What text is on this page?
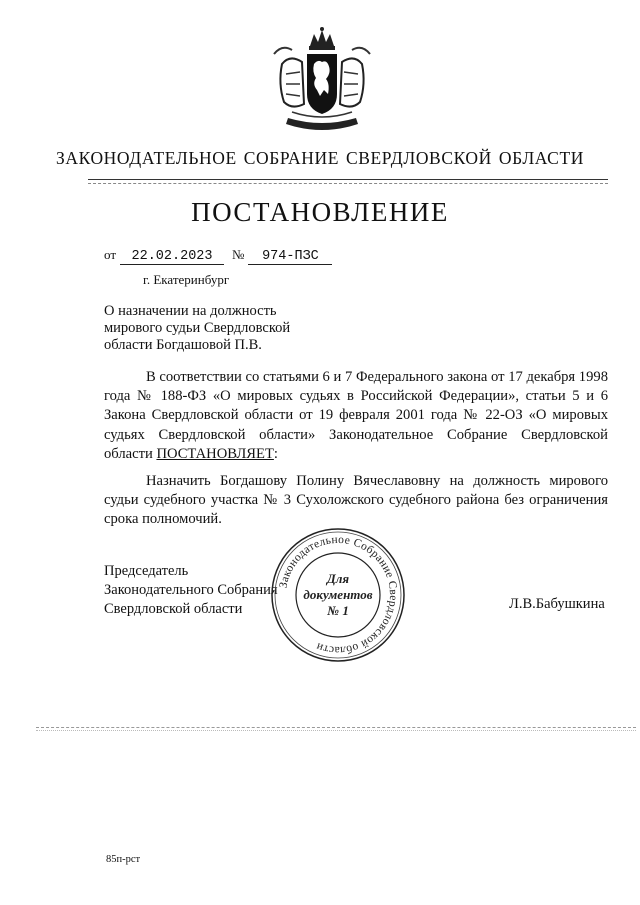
ЗАКОНОДАТЕЛЬНОЕ СОБРАНИЕ СВЕРДЛОВСКОЙ ОБЛАСТИ
ПОСТАНОВЛЕНИЕ
от 22.02.2023 № 974-ПЗС
г. Екатеринбург
О назначении на должность
мирового судьи Свердловской
области Богдашовой П.В.

В соответствии со статьями 6 и 7 Федерального закона от 17 декабря 1998 года № 188-ФЗ «О мировых судьях в Российской Федерации», статьи 5 и 6 Закона Свердловской области от 19 февраля 2001 года № 22-ОЗ «О мировых судьях Свердловской области» Законодательное Собрание Свердловской области ПОСТАНОВЛЯЕТ:

Назначить Богдашову Полину Вячеславовну на должность мирового судьи судебного участка № 3 Сухоложского судебного района без ограничения срока полномочий.

Председатель
Законодательного Собрания
Свердловской области
Законодательное Собрание Свердловской области
Для
документов
№ 1	Л.В.Бабушкина
85п-рст
